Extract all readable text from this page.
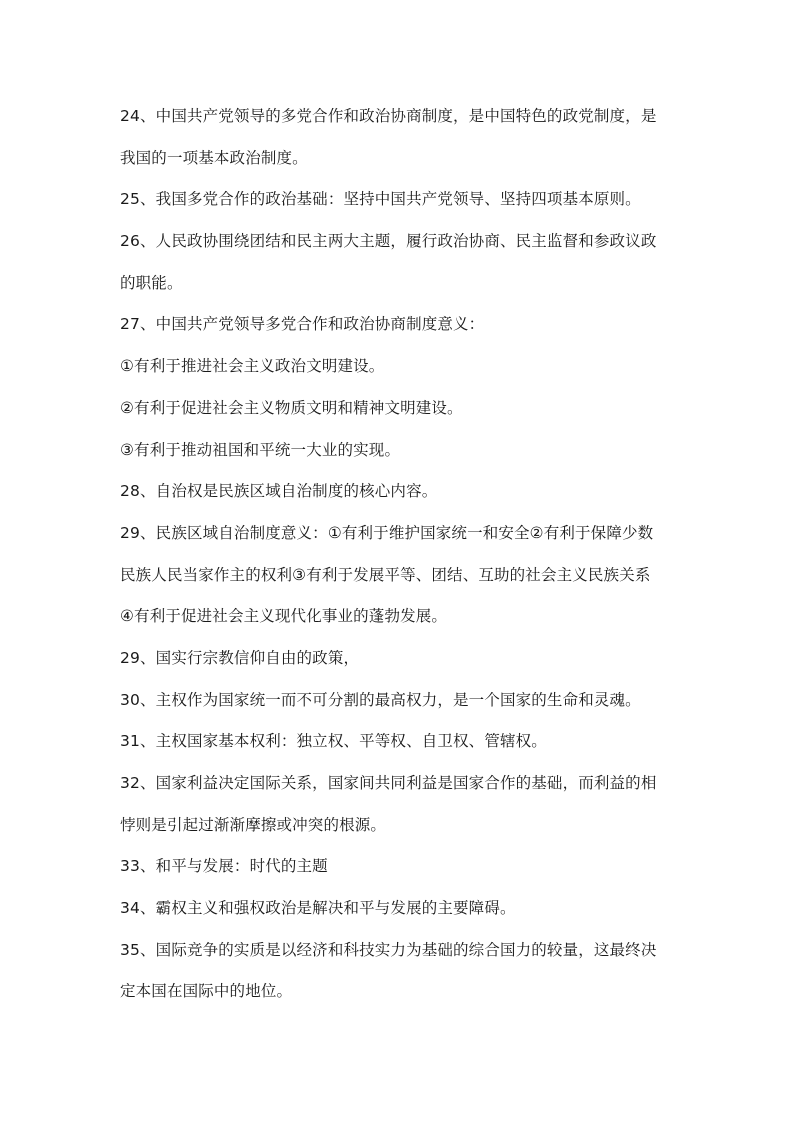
24、中国共产党领导的多党合作和政治协商制度，是中国特色的政党制度，是
我国的一项基本政治制度。
25、我国多党合作的政治基础：坚持中国共产党领导、坚持四项基本原则。
26、人民政协围绕团结和民主两大主题，履行政治协商、民主监督和参政议政
的职能。
27、中国共产党领导多党合作和政治协商制度意义：
①有利于推进社会主义政治文明建设。
②有利于促进社会主义物质文明和精神文明建设。
③有利于推动祖国和平统一大业的实现。
28、自治权是民族区域自治制度的核心内容。
29、民族区域自治制度意义：①有利于维护国家统一和安全②有利于保障少数
民族人民当家作主的权利③有利于发展平等、团结、互助的社会主义民族关系
④有利于促进社会主义现代化事业的蓬勃发展。
29、国实行宗教信仰自由的政策，
30、主权作为国家统一而不可分割的最高权力，是一个国家的生命和灵魂。
31、主权国家基本权利：独立权、平等权、自卫权、管辖权。
32、国家利益决定国际关系，国家间共同利益是国家合作的基础，而利益的相
悖则是引起过渐渐摩擦或冲突的根源。
33、和平与发展：时代的主题
34、霸权主义和强权政治是解决和平与发展的主要障碍。
35、国际竞争的实质是以经济和科技实力为基础的综合国力的较量，这最终决
定本国在国际中的地位。
